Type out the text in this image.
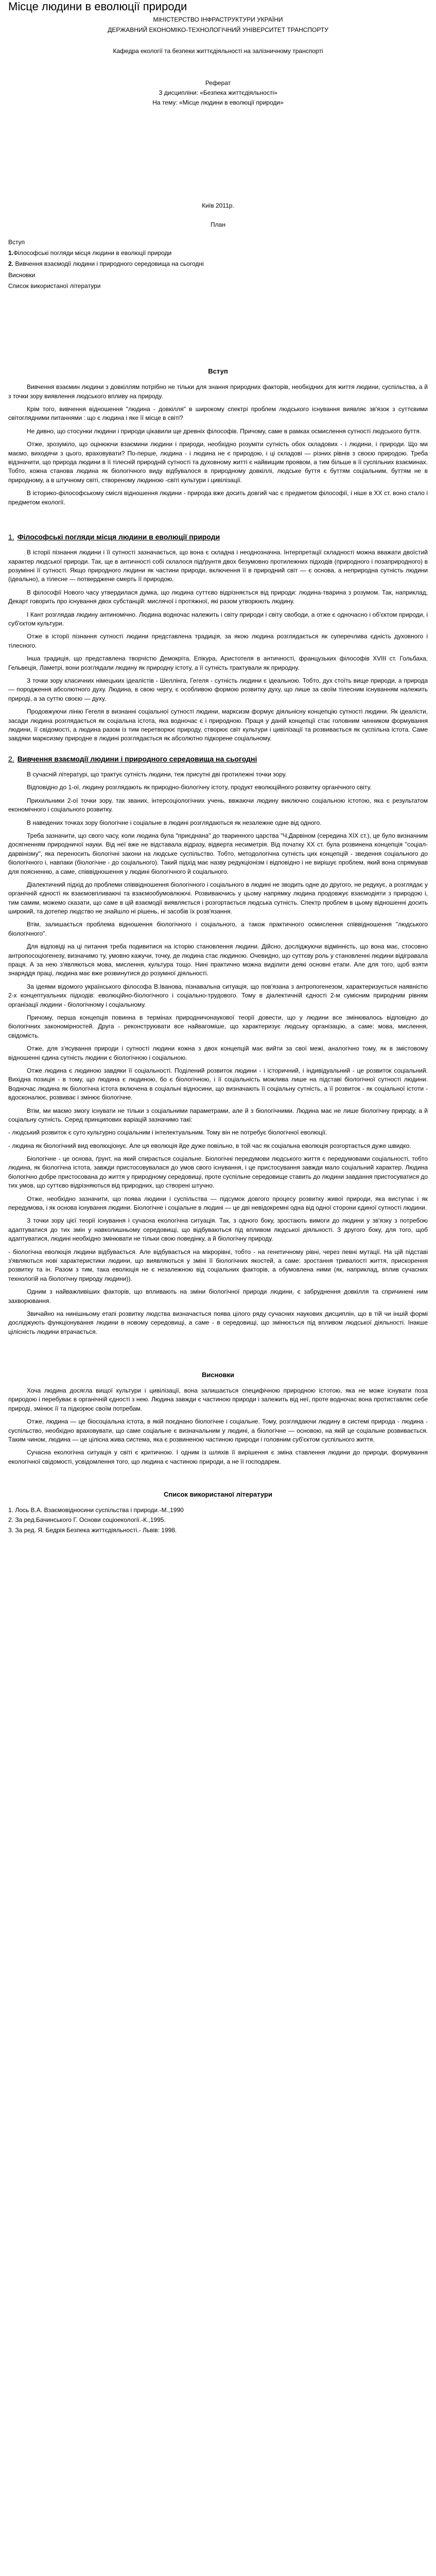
Місце людини в еволюції природи
МІНІСТЕРСТВО ІНФРАСТРУКТУРИ УКРАЇНИ
ДЕРЖАВНИЙ ЕКОНОМІКО-ТЕХНОЛОГІЧНИЙ УНІВЕРСИТЕТ ТРАНСПОРТУ
Кафедра екології та безпеки життєдіяльності на залізничному транспорті
Реферат
З дисципліни: «Безпека життєдіяльності»
На тему: «Місце людини в еволюції природи»
Київ 2011р.
План
Вступ
1.Філософські погляди місця людини в еволюції природи
2. Вивчення взаємодії людини і природного середовища на сьогодні
Висновки
Список використаної літератури
Вступ

Вивчення взаємин людини з довкіллям потрібно не тільки для знання природних факторів, необхідних для життя людини, суспільства, а й з точки зору виявлення людського впливу на природу.

Крім того, вивчення відношення "людина - довкілля" в широкому спектрі проблем людського існування виявляє зв'язок з суттєвими світоглядними питаннями : що є людина і яке її місце в світі?

Не дивно, що стосунки людини і природи цікавили ще древніх філософів. Причому, саме в рамках осмислення сутності людського буття.

Отже, зрозуміло, що оцінюючи взаємини людини і природи, необхідно розуміти сутність обох складових - і людини, і природи. Що ми маємо, виходячи з цього, враховувати? По-перше, людина - і людина не є природою, і ці складові — різних рівнів з своєю природою. Треба відзначити, що природа людини в її тілесній природній сутності та духовному житті є найвищим проявом, а тим більше в її суспільних взаєминах. Тобто, кожна станова людина як біологічного виду відбувалося в природному довкіллі, людське буття є буттям соціальним, буттям не в природному, а в штучному світі, створеному людиною -світі культури і цивілізації.

В історико-філософському сміслі відношення людини - природа вже досить довгий час є предметом філософії, і ніше в ХХ ст. воно стало і предметом екології.

1. Філософські погляди місця людини в еволюції природи

В історії пізнання людини і її сутності зазначається, що вона є складна і неоднозначна. Інтерпретації складності можна вважати двоїстий характер людської природи. Так, ще в античності собі склалося підґрунтя двох безумовно протилежних підходів (природного і позаприродного) в розумінні її сутності. Якщо природного людини як частини природи, включення її в природний світ — є основа, а неприродна сутність людини (ідеально), а тілесне — потверджене смерть її природою.

В філософії Нового часу утвердилася думка, що людина суттєво відрізняється від природи: людина-тварина з розумом. Так, наприклад, Декарт говорить про існування двох субстанцій: мислячої і протяжної, які разом утворюють людину.

І Кант розглядав людину антиномічно. Людина водночас належить і світу природи і світу свободи, а отже є одночасно і об'єктом природи, і суб'єктом культури.

Отже в історії пізнання сутності людини представлена традиція, за якою людина розглядається як суперечлива єдність духовного і тілесного.

Інша традиція, що представлена творчістю Демокріта, Епікура, Аристотеля в античності, французьких філософів ХVIII ст. Гольбаха, Гельвеція, Ламетрі, вони розглядали людину як природну істоту, а її сутність трактували як природну.

З точки зору класичних німецьких ідеалістів - Шеллінга, Гегеля - сутність людини є ідеальною. Тобто, дух стоїть вище природи, а природа — породження абсолютного духу. Людина, в свою чергу, є особливою формою розвитку духу, що лише за своїм тілесним існуванням належить природі, а за суттю своєю — духу.

Продовжуючи лінію Гегеля в визнанні соціальної сутності людини, марксизм формує діяльнісну концепцію сутності людини. Як ідеалісти, засади людина розглядається як соціальна істота, яка водночас є і природною. Праця у даній концепції стає головним чинником формування людини, її свідомості, а людина разом із тим перетворює природу, створює світ культури і цивілізації та розвивається як суспільна істота. Саме завдяки марксизму природне в людині розглядається як абсолютно підкорене соціальному.

2. Вивчення взаємодії людини і природного середовища на сьогодні

В сучасній літературі, що трактує сутність людини, теж присутні дві протилежні точки зору.

Відповідно до 1-ої, людину розглядають як природно-біологічну істоту, продукт еволюційного розвитку органічного світу.

Прихильники 2-ої точки зору, так званих, інтерсоціологічних учень, ввжаючи людину виключно соціальною істотою, яка є результатом економічного і соціального розвитку.

В наведених точках зору біологічне і соціальне в людині розглядаються як незалежне одне від одного.

Треба зазначити, що свого часу, коли людина була "приєднана" до тваринного царства "Ч.Дарвіном (середина ХІХ ст.), це було визначним досягненням природничої науки. Від неї вже не відставала відразу, відверта несиметрія. Від початку ХХ ст. була розвинена концепція "соціал-дарвінізму", яка переносить біологічні закони на людське суспільство. Тобто, методологічна сутність цих концепцій - зведення соціального до біологічного і, навпаки (біологічне - до соціального). Такий підхід має назву редукціонізм і відповідно і не вирішує проблем, який вона спрямував для поясненню, а саме, співвідношення у людині біологічного й соціального.

Діалектичний підхід до проблеми співвідношення біологічного і соціального в людині не зводить одне до другого, не редукує, а розглядає у органічній єдності як взаємовпливаючі та взаємообумовлюючі. Розвиваючись у цьому напрямку людина продовжує взаємодіяти з природою і, тим самим, можемо сказати, що саме в цій взаємодії виявляється і розгортається людська сутність. Спектр проблем в цьому відношенні досить широкий, та дотепер людство не знайшло ні рішень, ні засобів їх розв'язання.

Втім, залишається проблема відношення біологічного і соціального, а також практичного осмислення співвідношення "людського біологічного".

Для відповіді на ці питання треба подивитися на історію становлення людини. Дійсно, досліджуючи відмінність, що вона має, стосовно антропосоціогенезу, визначимо ту, умовно кажучи, точку, де людина стає людиною. Очевидно, що суттєву роль у становленні людини відігравала праця. А за нею з'являються мова, мислення, культура тощо. Нині практично можна виділити деякі основні етапи. Але для того, щоб взяти знаряддя праці, людина має вже розвинутися до розумної діяльності.

За ідеями відомого українського філософа В.Іванова, пізнавальна ситуація, що пов'язана з антропогенезом, характеризується наявністю 2-х концептуальних підходів: еволюційно-біологічного і соціально-трудового. Тому в діалектичній єдності 2-м сумісним природним рівням організації людини - біологічному і соціальному.

Причому, перша концепція повинна в термінах природничонаукової теорії довести, що у людини все змінювалось відповідно до біологічних закономірностей. Друга - реконструювати все найвагоміше, що характеризує людську організацію, а саме: мова, мислення, свідомість.

Отже, для з'ясування природи і сутності людини кожна з двох концепцій має вийти за свої межі, аналогічно тому, як в змістовому відношенні єдина сутність людини є біологічною і соціальною.

Отже людина є людиною завдяки її соціальності. Поділений розвиток людини - і історичний, і індивідуальний - це розвиток соціальний. Вихідна позиція - в тому, що людина є людиною, бо є біологічною, і її соціальність можлива лише на підставі біологічної сутності людини. Водночас людина як біологічна істота включена в соціальні відносини, що визначають її соціальну сутність, а її розвиток - як соціальної істоти - вдосконалює, розвиває і змінює біологічне.

Втім, ми маємо змогу існувати не тільки з соціальними параметрами, але й з біологічними. Людина має не лише біологічну природу, а й соціальну сутність. Серед принципових варіацій зазначимо такі:

- людський розвиток є суто культурно соціальним і інтелектуальним. Тому він не потребує біологічної еволюції.

- людина як біологічний вид еволюціонує. Але ця еволюція йде дуже повільно, в той час як соціальна еволюція розгортається дуже швидко.

Біологічне - це основа, ґрунт, на який спирається соціальне. Біологічні передумови людського життя є передумовами соціальності, тобто людина, як біологічна істота, завжди пристосовувалася до умов свого існування, і це пристосування завжди мало соціальний характер. Людина біологічно добре пристосована до життя у природному середовищі, проте суспільне середовище ставить до людини завдання пристосуватися до тих умов, що суттєво відрізняються від природних, що створені штучно.

Отже, необхідно зазначити, що поява людини і суспільства — підсумок довгого процесу розвитку живої природи, яка виступає і як передумова, і як основа існування людини. Біологічне і соціальне в людині — це дві невідокремні одна від одної сторони єдиної сутності людини.

З точки зору цієї теорії існування і сучасна екологічна ситуація. Так, з одного боку, зростають вимоги до людини у зв'язку з потребою адаптуватися до тих змін у навколишньому середовищі, що відбуваються під впливом людської діяльності. З другого боку, для того, щоб адаптуватися, людині необхідно змінювати не тільки свою поведінку, а й біологічну природу.

- біологічна еволюція людини відбувається. Але відбувається на мікрорівні, тобто - на генетичному рівні, через певні мутації. На цій підставі з'являються нові характеристики людини, що виявляються у зміні її біологічних якостей, а саме: зростання тривалості життя, прискорення розвитку та ін. Разом з тим, така еволюція не є незалежною від соціальних факторів, а обумовлена ними (як, наприклад, вплив сучасних технологій на біологічну природу людини)).

Одним з найважливіших факторів, що впливають на зміни біологічної природи людини, є забруднення довкілля та спричинені ним захворювання.

Звичайно на нинішньому етапі розвитку людства визначається поява цілого ряду сучасних наукових дисциплін, що в тій чи іншій формі досліджують функціонування людини в новому середовищі, а саме - в середовищі, що змінюється під впливом людської діяльності. Інакше цілісність людини втрачається.

Висновки

Хоча людина досягла вищої культури і цивілізації, вона залишається специфічною природною істотою, яка не може існувати поза природою і перебуває в органічній єдності з нею. Людина завжди є частиною природи і залежить від неї, проте водночас вона протиставляє себе природі, змінює її та підкорює своїм потребам.

Отже, людина — це біосоціальна істота, в якій поєднано біологічне і соціальне. Тому, розглядаючи людину в системі природа - людина - суспільство, необхідно враховувати, що саме соціальне є визначальним у людині, а біологічне — основою, на якій це соціальне розвивається. Таким чином, людина — це цілісна жива система, яка є розвиненою частиною природи і головним суб'єктом суспільного життя.

Сучасна екологічна ситуація у світі є критичною. І одним із шляхів її вирішення є зміна ставлення людини до природи, формування екологічної свідомості, усвідомлення того, що людина є частиною природи, а не її господарем.

Список використаної літератури
1. Лось В.А. Взаємовідносини суспільства і природи.-М.,1990
2. За ред.Бачинського Г. Основи соціоекології.-К.,1995.
3. За ред. Я. Бедрія Безпека життєдіяльності.- Львів: 1998.
